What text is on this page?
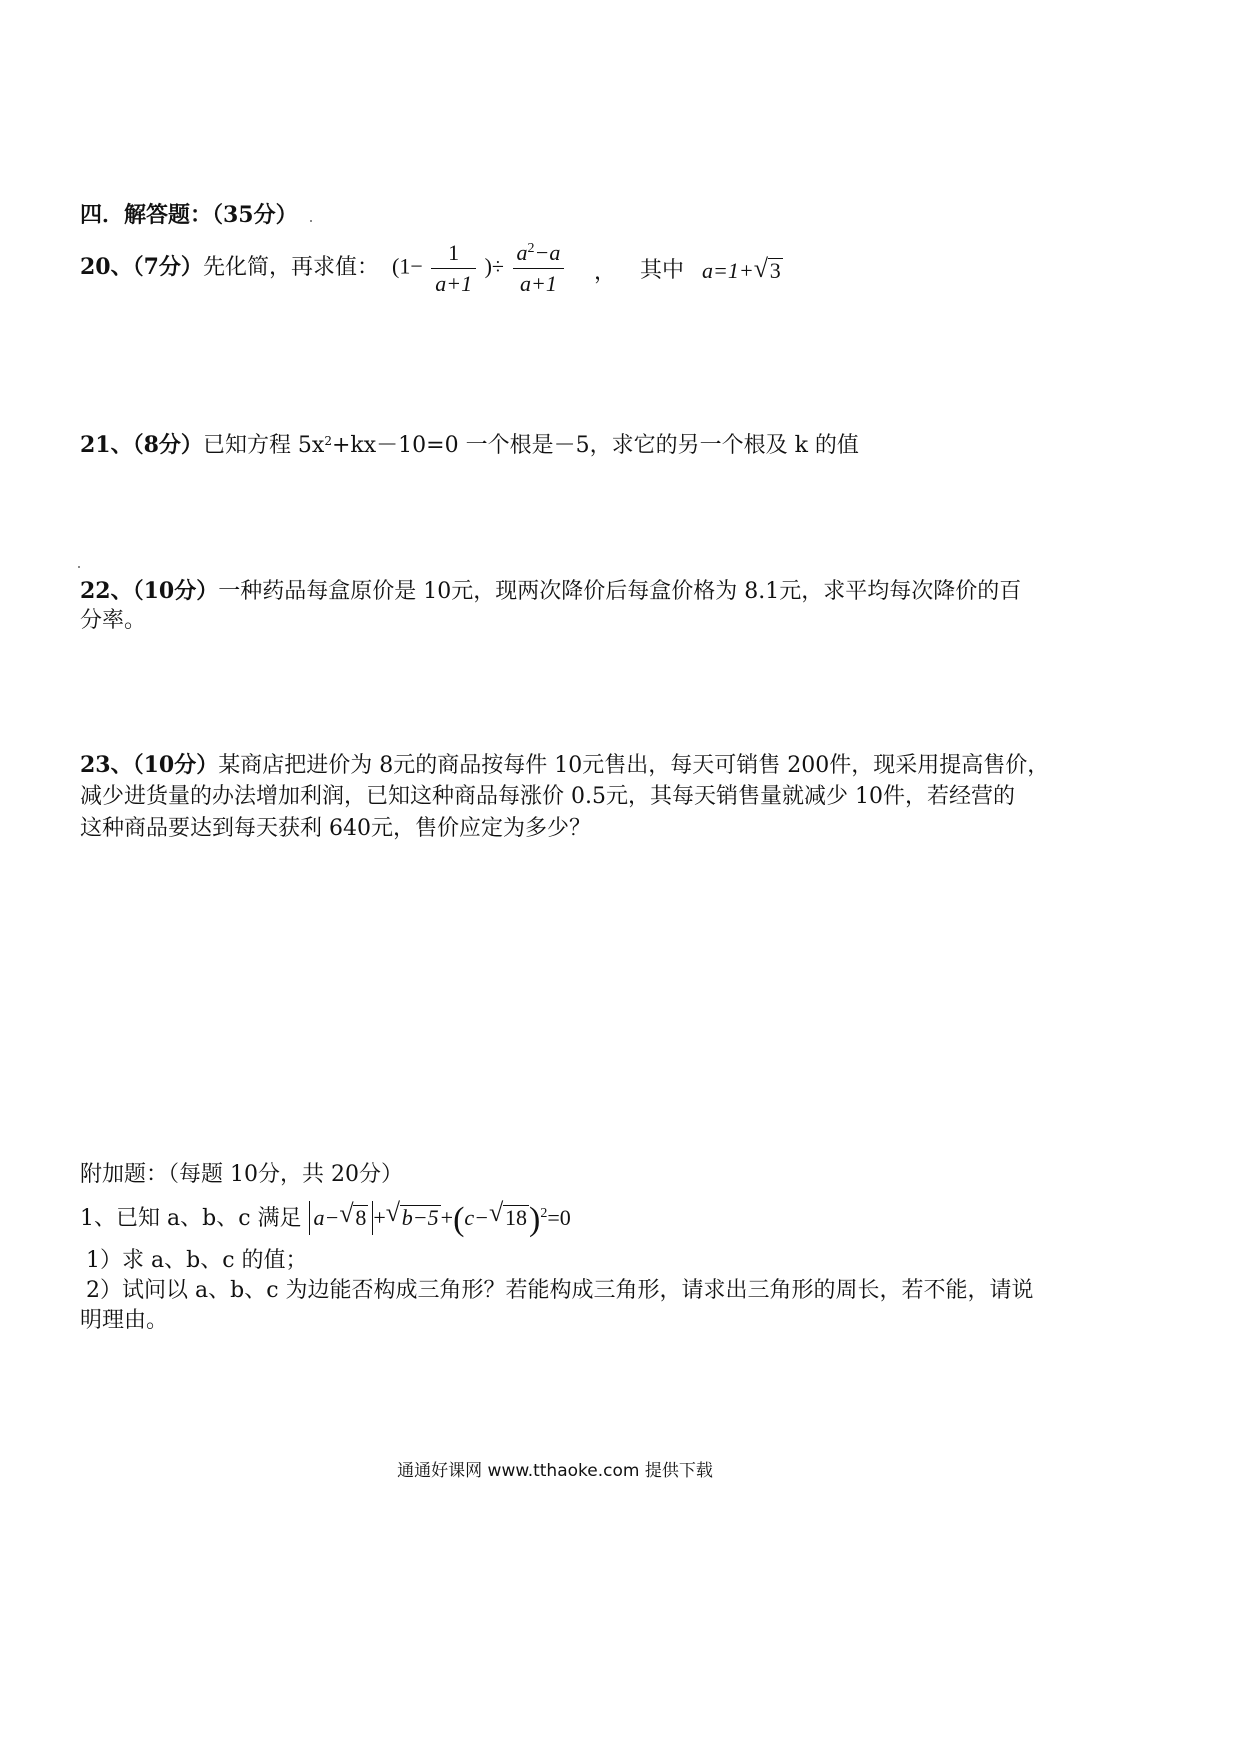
四．解答题：（35分）
20、（7分）先化简，再求值： ($1- \frac{1}{a+1}$ )÷ $\frac{a^2-a}{a+1}$ ， 其中 a=1+ √ 3
21、（8分）已知方程 $5x^2+kx-10=0$ 一个根是－5，求它的另一个根及 k 的值
22、（10分）一种药品每盒原价是 10元，现两次降价后每盒价格为 8.1元，求平均每次降价的百
分率。
23、（10分）某商店把进价为 8元的商品按每件 10元售出，每天可销售 200件，现采用提高售价，
减少进货量的办法增加利润，已知这种商品每涨价 0.5元，其每天销售量就减少 10件，若经营的
这种商品要达到每天获利 640元，售价应定为多少？
附加题：（每题 10分，共 20分）
1、已知 a、b、c 满足 a− √ 8 + √ b−5+(c− √ 18)$^2$=0
1）求 a、b、c 的值；
2）试问以 a、b、c 为边能否构成三角形？若能构成三角形，请求出三角形的周长，若不能，请说
明理由。
通通好课网 www.tthaoke.com 提供下载
